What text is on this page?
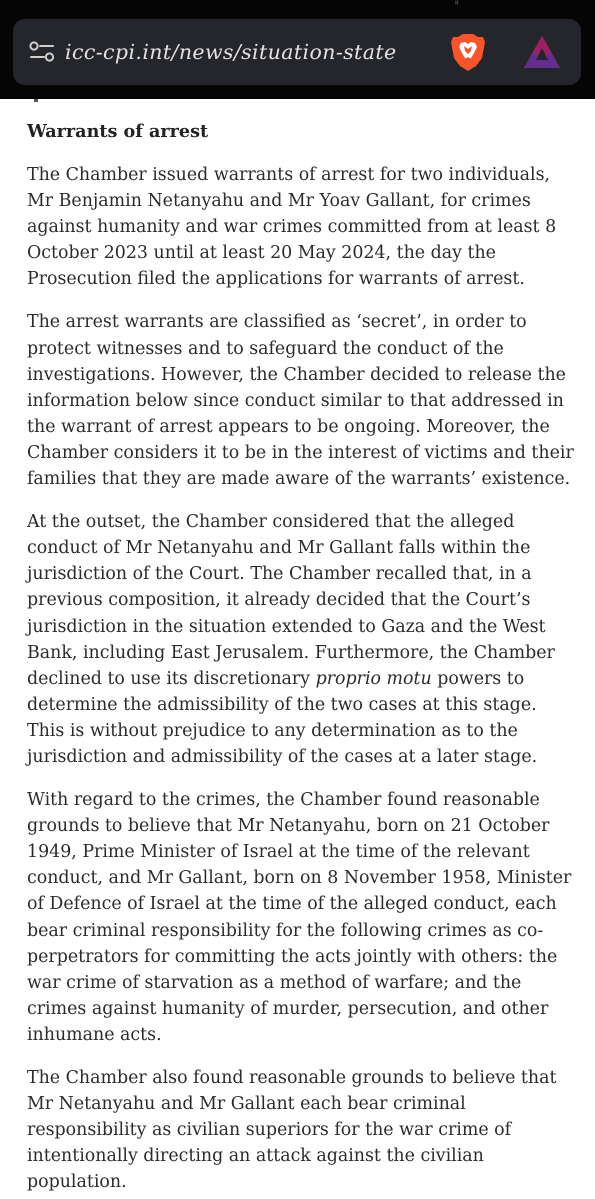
ᴵᴵ
icc-cpi.int/news/situation-state
Warrants of arrest

The Chamber issued warrants of arrest for two individuals,
Mr Benjamin Netanyahu and Mr Yoav Gallant, for crimes
against humanity and war crimes committed from at least 8
October 2023 until at least 20 May 2024, the day the
Prosecution filed the applications for warrants of arrest.

The arrest warrants are classified as ‘secret’, in order to
protect witnesses and to safeguard the conduct of the
investigations. However, the Chamber decided to release the
information below since conduct similar to that addressed in
the warrant of arrest appears to be ongoing. Moreover, the
Chamber considers it to be in the interest of victims and their
families that they are made aware of the warrants’ existence.

At the outset, the Chamber considered that the alleged
conduct of Mr Netanyahu and Mr Gallant falls within the
jurisdiction of the Court. The Chamber recalled that, in a
previous composition, it already decided that the Court’s
jurisdiction in the situation extended to Gaza and the West
Bank, including East Jerusalem. Furthermore, the Chamber
declined to use its discretionary proprio motu powers to
determine the admissibility of the two cases at this stage.
This is without prejudice to any determination as to the
jurisdiction and admissibility of the cases at a later stage.

With regard to the crimes, the Chamber found reasonable
grounds to believe that Mr Netanyahu, born on 21 October
1949, Prime Minister of Israel at the time of the relevant
conduct, and Mr Gallant, born on 8 November 1958, Minister
of Defence of Israel at the time of the alleged conduct, each
bear criminal responsibility for the following crimes as co-
perpetrators for committing the acts jointly with others: the
war crime of starvation as a method of warfare; and the
crimes against humanity of murder, persecution, and other
inhumane acts.

The Chamber also found reasonable grounds to believe that
Mr Netanyahu and Mr Gallant each bear criminal
responsibility as civilian superiors for the war crime of
intentionally directing an attack against the civilian
population.
